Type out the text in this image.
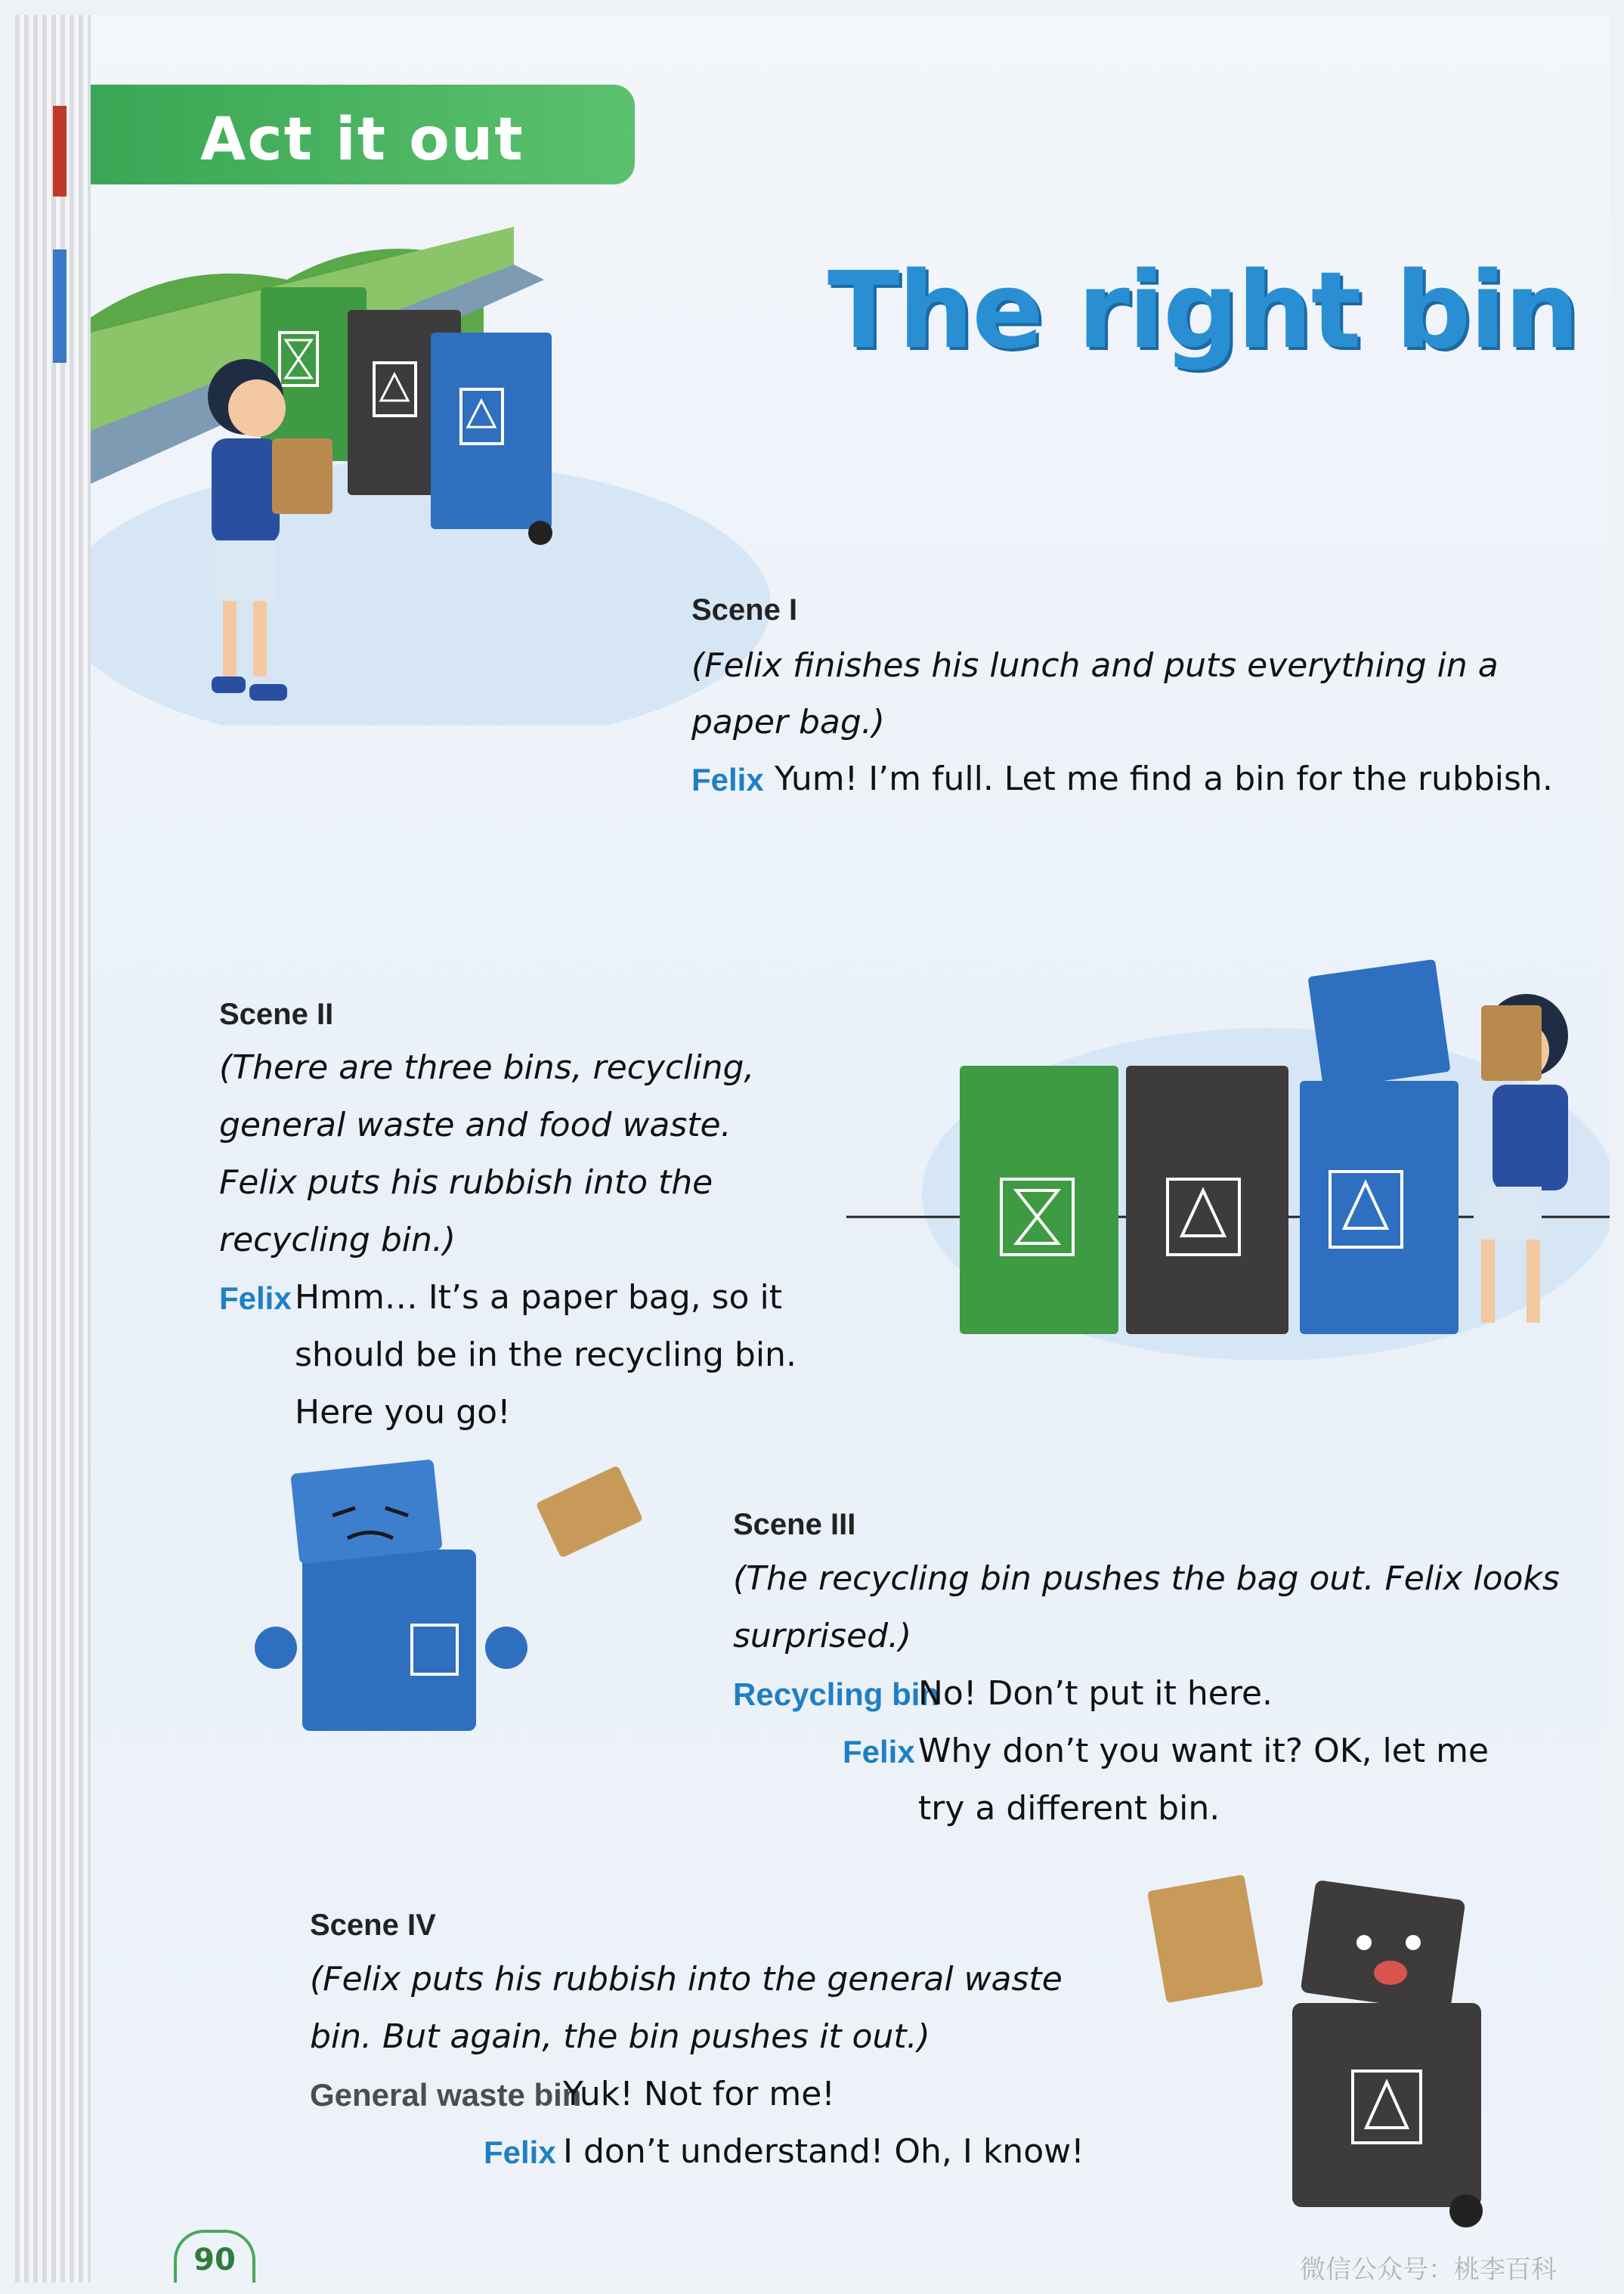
Act it out
The right bin
Scene I
(Felix finishes his lunch and puts everything in a
paper bag.)
Felix Yum! I’m full. Let me find a bin for the rubbish.
Scene II
(There are three bins, recycling,
general waste and food waste.
Felix puts his rubbish into the
recycling bin.)
Felix Hmm… It’s a paper bag, so it
should be in the recycling bin.
Here you go!
Scene III
(The recycling bin pushes the bag out. Felix looks
surprised.)
Recycling bin
No! Don’t put it here.
Felix Why don’t you want it? OK, let me
try a different bin.
Scene IV
(Felix puts his rubbish into the general waste
bin. But again, the bin pushes it out.)
General waste bin
Yuk! Not for me!
Felix I don’t understand! Oh, I know!
90	微信公众号：桃李百科
